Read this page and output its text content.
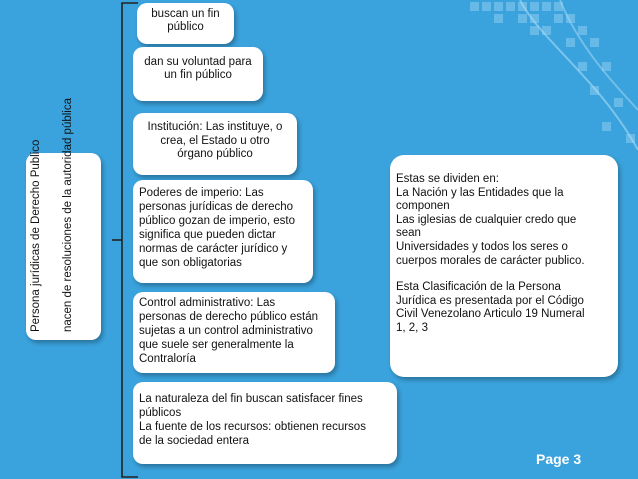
Persona jurídicas de Derecho Publico nacen de resoluciones de la autoridad pública
buscan un fin
público
dan su voluntad para
un fin público
Institución: Las instituye, o
crea, el Estado u otro
órgano público
Poderes de imperio: Las
personas jurídicas de derecho
público gozan de imperio, esto
significa que pueden dictar
normas de carácter jurídico y
que son obligatorias
Control administrativo: Las
personas de derecho público están
sujetas a un control administrativo
que suele ser generalmente la
Contraloría
La naturaleza del fin buscan satisfacer fines
públicos
La fuente de los recursos: obtienen recursos
de la sociedad entera
Estas se dividen en:
La Nación y las Entidades que la
componen
Las iglesias de cualquier credo que
sean
Universidades y todos los seres o
cuerpos morales de carácter publico.
Esta Clasificación de la Persona
Jurídica es presentada por el Código
Civil Venezolano Articulo 19 Numeral
1, 2, 3
Page 3
